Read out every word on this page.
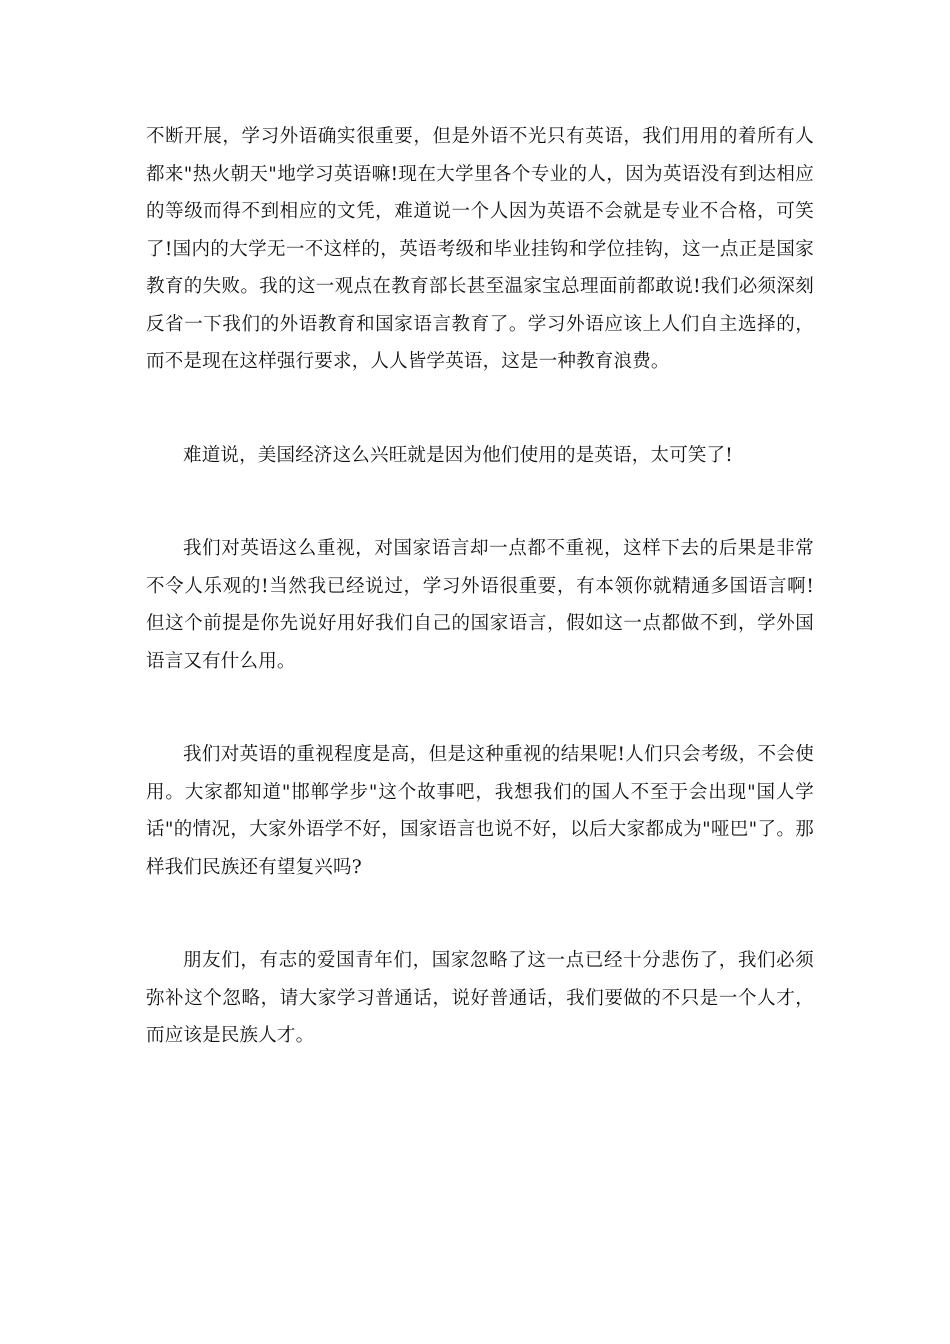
不断开展，学习外语确实很重要，但是外语不光只有英语，我们用用的着所有人都来"热火朝天"地学习英语嘛!现在大学里各个专业的人，因为英语没有到达相应的等级而得不到相应的文凭，难道说一个人因为英语不会就是专业不合格，可笑了!国内的大学无一不这样的，英语考级和毕业挂钩和学位挂钩，这一点正是国家教育的失败。我的这一观点在教育部长甚至温家宝总理面前都敢说!我们必须深刻反省一下我们的外语教育和国家语言教育了。学习外语应该上人们自主选择的，而不是现在这样强行要求，人人皆学英语，这是一种教育浪费。

难道说，美国经济这么兴旺就是因为他们使用的是英语，太可笑了!

我们对英语这么重视，对国家语言却一点都不重视，这样下去的后果是非常不令人乐观的!当然我已经说过，学习外语很重要，有本领你就精通多国语言啊!但这个前提是你先说好用好我们自己的国家语言，假如这一点都做不到，学外国语言又有什么用。

我们对英语的重视程度是高，但是这种重视的结果呢!人们只会考级，不会使用。大家都知道"邯郸学步"这个故事吧，我想我们的国人不至于会出现"国人学话"的情况，大家外语学不好，国家语言也说不好，以后大家都成为"哑巴"了。那样我们民族还有望复兴吗?

朋友们，有志的爱国青年们，国家忽略了这一点已经十分悲伤了，我们必须弥补这个忽略，请大家学习普通话，说好普通话，我们要做的不只是一个人才，而应该是民族人才。
